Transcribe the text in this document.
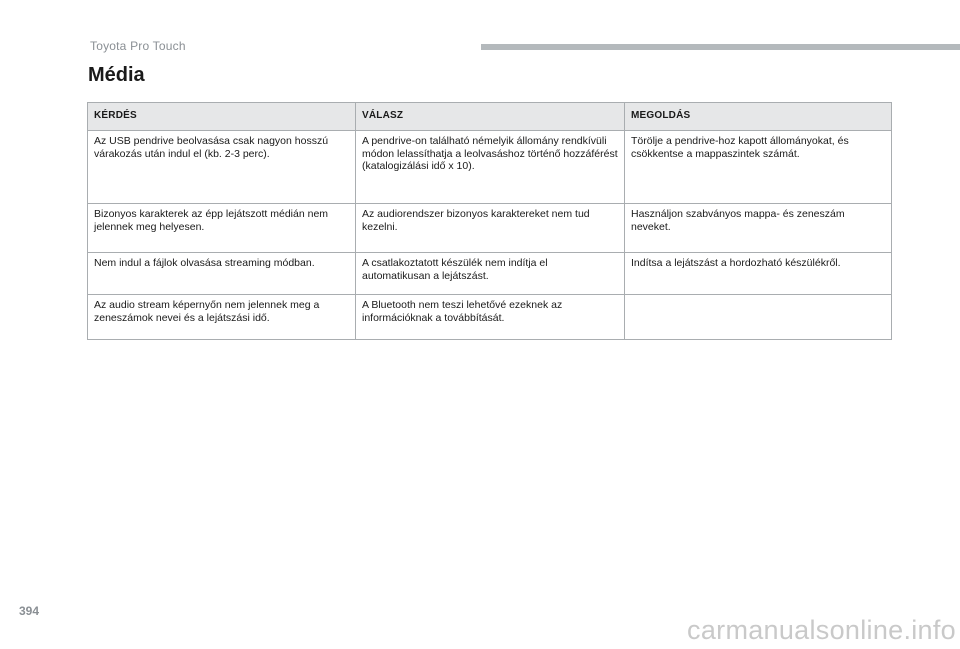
Toyota Pro Touch
Média
KÉRDÉS	VÁLASZ	MEGOLDÁS
Az USB pendrive beolvasása csak nagyon hosszú várakozás után indul el (kb. 2-3 perc).	A pendrive-on található némelyik állomány rendkívüli módon lelassíthatja a leolvasáshoz történő hozzáférést (katalogizálási idő x 10).	Törölje a pendrive-hoz kapott állományokat, és csökkentse a mappaszintek számát.
Bizonyos karakterek az épp lejátszott médián nem jelennek meg helyesen.	Az audiorendszer bizonyos karaktereket nem tud kezelni.	Használjon szabványos mappa- és zeneszám neveket.
Nem indul a fájlok olvasása streaming módban.	A csatlakoztatott készülék nem indítja el automatikusan a lejátszást.	Indítsa a lejátszást a hordozható készülékről.
Az audio stream képernyőn nem jelennek meg a zeneszámok nevei és a lejátszási idő.	A Bluetooth nem teszi lehetővé ezeknek az információknak a továbbítását.	
394
carmanualsonline.info
